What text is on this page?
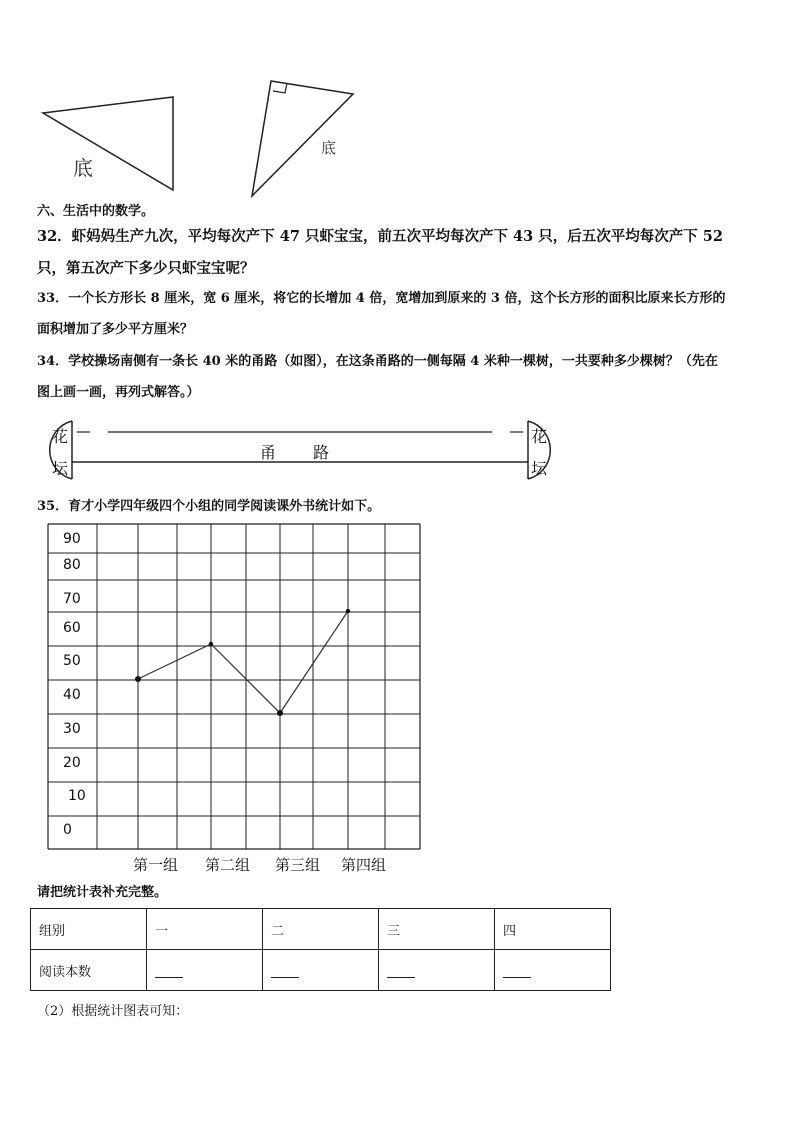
底
底
六、生活中的数学。
32．虾妈妈生产九次，平均每次产下 47 只虾宝宝，前五次平均每次产下 43 只，后五次平均每次产下 52
只，第五次产下多少只虾宝宝呢？
33．一个长方形长 8 厘米，宽 6 厘米，将它的长增加 4 倍，宽增加到原来的 3 倍，这个长方形的面积比原来长方形的
面积增加了多少平方厘米？
34．学校操场南侧有一条长 40 米的甬路（如图），在这条甬路的一侧每隔 4 米种一棵树，一共要种多少棵树？（先在
图上画一画，再列式解答。）
花
坛
花
坛
甬 路
35．育才小学四年级四个小组的同学阅读课外书统计如下。
0
10
20
30
40
50
60
70
80
90
第一组 第二组 第三组 第四组
请把统计表补充完整。
组别	一	二	三	四
阅读本数				
（2）根据统计图表可知：
